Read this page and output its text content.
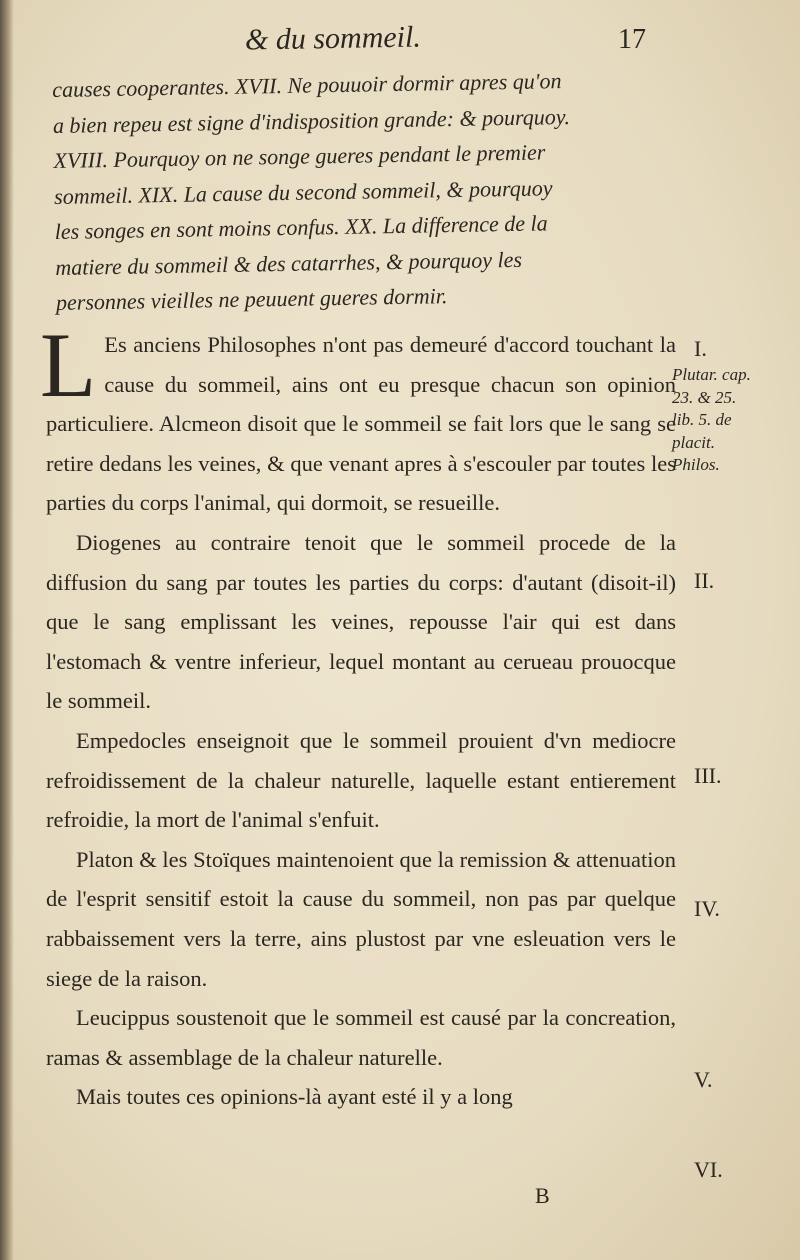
& du sommeil.	17

causes cooperantes. XVII. Ne pouuoir dormir apres qu'on

a bien repeu est signe d'indisposition grande: & pourquoy.

XVIII. Pourquoy on ne songe gueres pendant le premier

sommeil. XIX. La cause du second sommeil, & pourquoy

les songes en sont moins confus. XX. La difference de la

matiere du sommeil & des catarrhes, & pourquoy les

personnes vieilles ne peuuent gueres dormir.

L Es anciens Philosophes n'ont pas demeuré d'accord touchant la cause du sommeil, ains ont eu presque chacun son opinion particuliere. Alcmeon disoit que le sommeil se fait lors que le sang se retire dedans les veines, & que venant apres à s'escouler par toutes les parties du corps l'animal, qui dormoit, se resueille.

Diogenes au contraire tenoit que le sommeil procede de la diffusion du sang par toutes les parties du corps: d'autant (disoit-il) que le sang emplissant les veines, repousse l'air qui est dans l'estomach & ventre inferieur, lequel montant au cerueau prouocque le sommeil.

Empedocles enseignoit que le sommeil prouient d'vn mediocre refroidissement de la chaleur naturelle, laquelle estant entierement refroidie, la mort de l'animal s'enfuit.

Platon & les Stoïques maintenoient que la remission & attenuation de l'esprit sensitif estoit la cause du sommeil, non pas par quelque rabbaissement vers la terre, ains plustost par vne esleuation vers le siege de la raison.

Leucippus soustenoit que le sommeil est causé par la concreation, ramas & assemblage de la chaleur naturelle.

Mais toutes ces opinions-là ayant esté il y a long

I.
II.
III.
IV.
V.
VI.
Plutar. cap.
23. & 25.
lib. 5. de
placit.
Philos.
B
